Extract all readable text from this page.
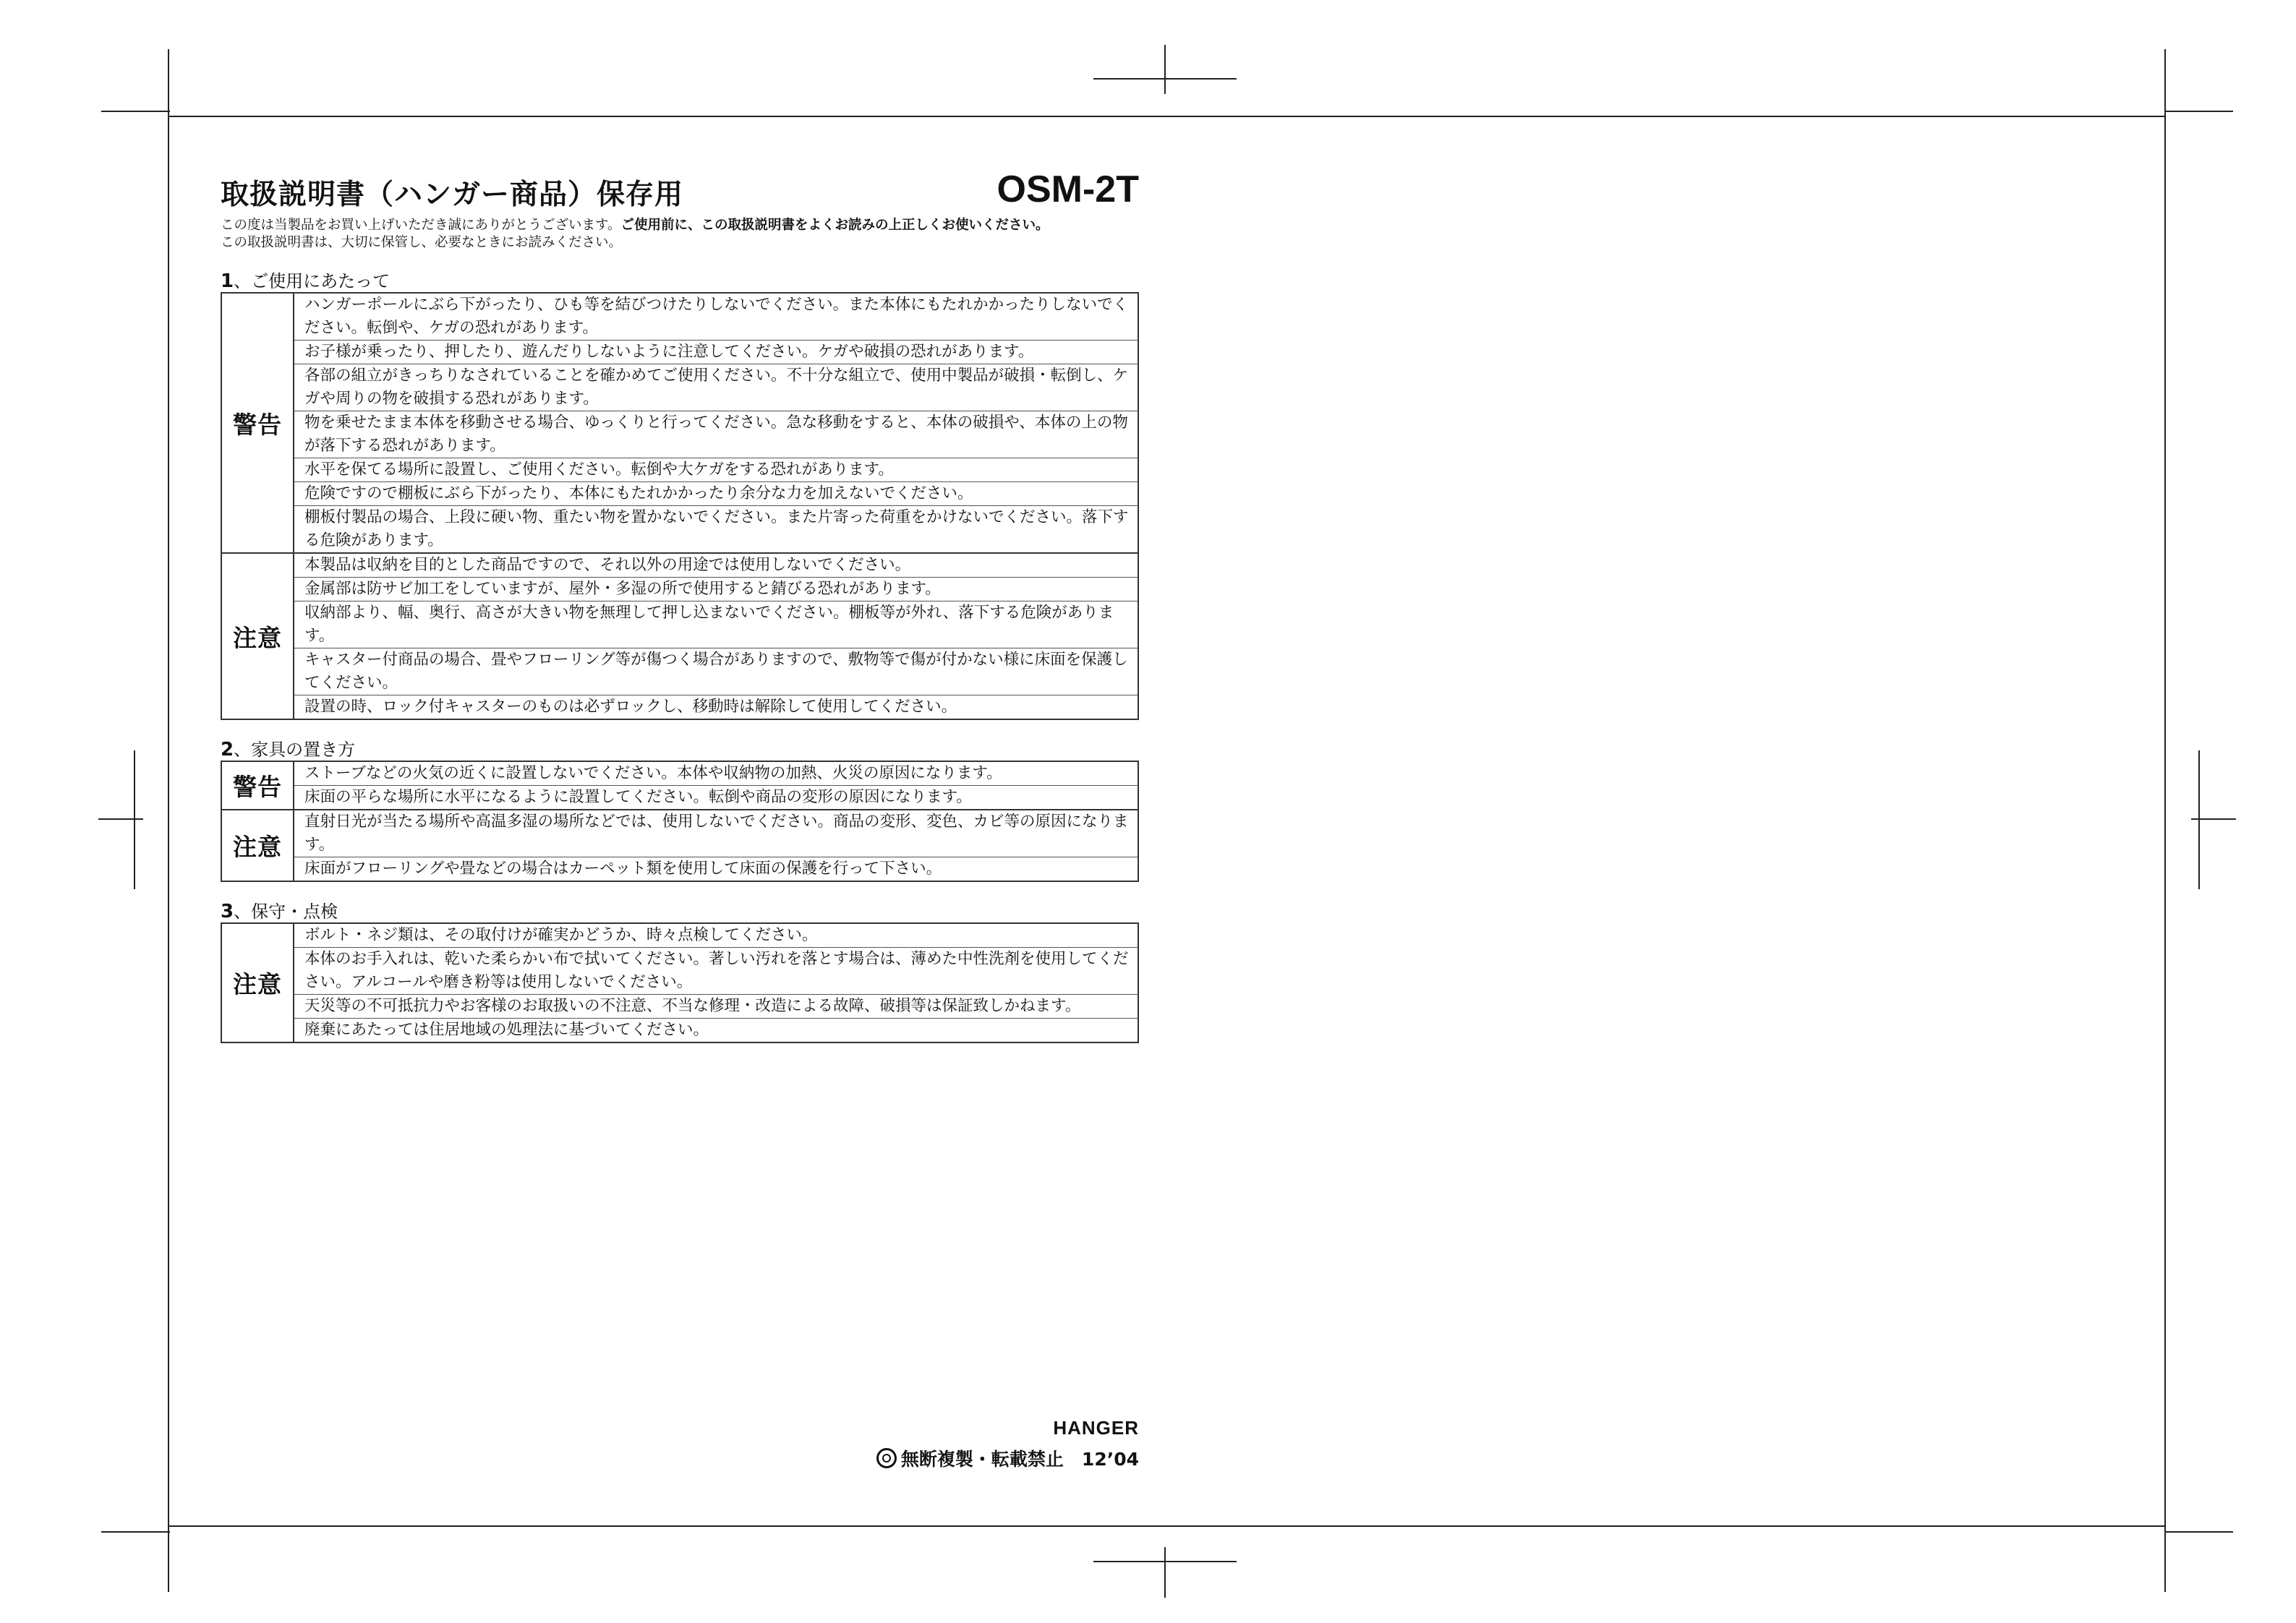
取扱説明書（ハンガー商品）保存用	OSM-2T
この度は当製品をお買い上げいただき誠にありがとうございます。ご使用前に、この取扱説明書をよくお読みの上正しくお使いください。
この取扱説明書は、大切に保管し、必要なときにお読みください。
1、ご使用にあたって
警告
ハンガーポールにぶら下がったり、ひも等を結びつけたりしないでください。また本体にもたれかかったりしないでください。転倒や、ケガの恐れがあります。
お子様が乗ったり、押したり、遊んだりしないように注意してください。ケガや破損の恐れがあります。
各部の組立がきっちりなされていることを確かめてご使用ください。不十分な組立で、使用中製品が破損・転倒し、ケガや周りの物を破損する恐れがあります。
物を乗せたまま本体を移動させる場合、ゆっくりと行ってください。急な移動をすると、本体の破損や、本体の上の物が落下する恐れがあります。
水平を保てる場所に設置し、ご使用ください。転倒や大ケガをする恐れがあります。
危険ですので棚板にぶら下がったり、本体にもたれかかったり余分な力を加えないでください。
棚板付製品の場合、上段に硬い物、重たい物を置かないでください。また片寄った荷重をかけないでください。落下する危険があります。
注意
本製品は収納を目的とした商品ですので、それ以外の用途では使用しないでください。
金属部は防サビ加工をしていますが、屋外・多湿の所で使用すると錆びる恐れがあります。
収納部より、幅、奥行、高さが大きい物を無理して押し込まないでください。棚板等が外れ、落下する危険があります。
キャスター付商品の場合、畳やフローリング等が傷つく場合がありますので、敷物等で傷が付かない様に床面を保護してください。
設置の時、ロック付キャスターのものは必ずロックし、移動時は解除して使用してください。
2、家具の置き方
警告	ストーブなどの火気の近くに設置しないでください。本体や収納物の加熱、火災の原因になります。
床面の平らな場所に水平になるように設置してください。転倒や商品の変形の原因になります。
注意
直射日光が当たる場所や高温多湿の場所などでは、使用しないでください。商品の変形、変色、カビ等の原因になります。
床面がフローリングや畳などの場合はカーペット類を使用して床面の保護を行って下さい。
3、保守・点検
注意
ボルト・ネジ類は、その取付けが確実かどうか、時々点検してください。
本体のお手入れは、乾いた柔らかい布で拭いてください。著しい汚れを落とす場合は、薄めた中性洗剤を使用してください。アルコールや磨き粉等は使用しないでください。
天災等の不可抵抗力やお客様のお取扱いの不注意、不当な修理・改造による故障、破損等は保証致しかねます。
廃棄にあたっては住居地域の処理法に基づいてください。
HANGER
無断複製・転載禁止　12’04
